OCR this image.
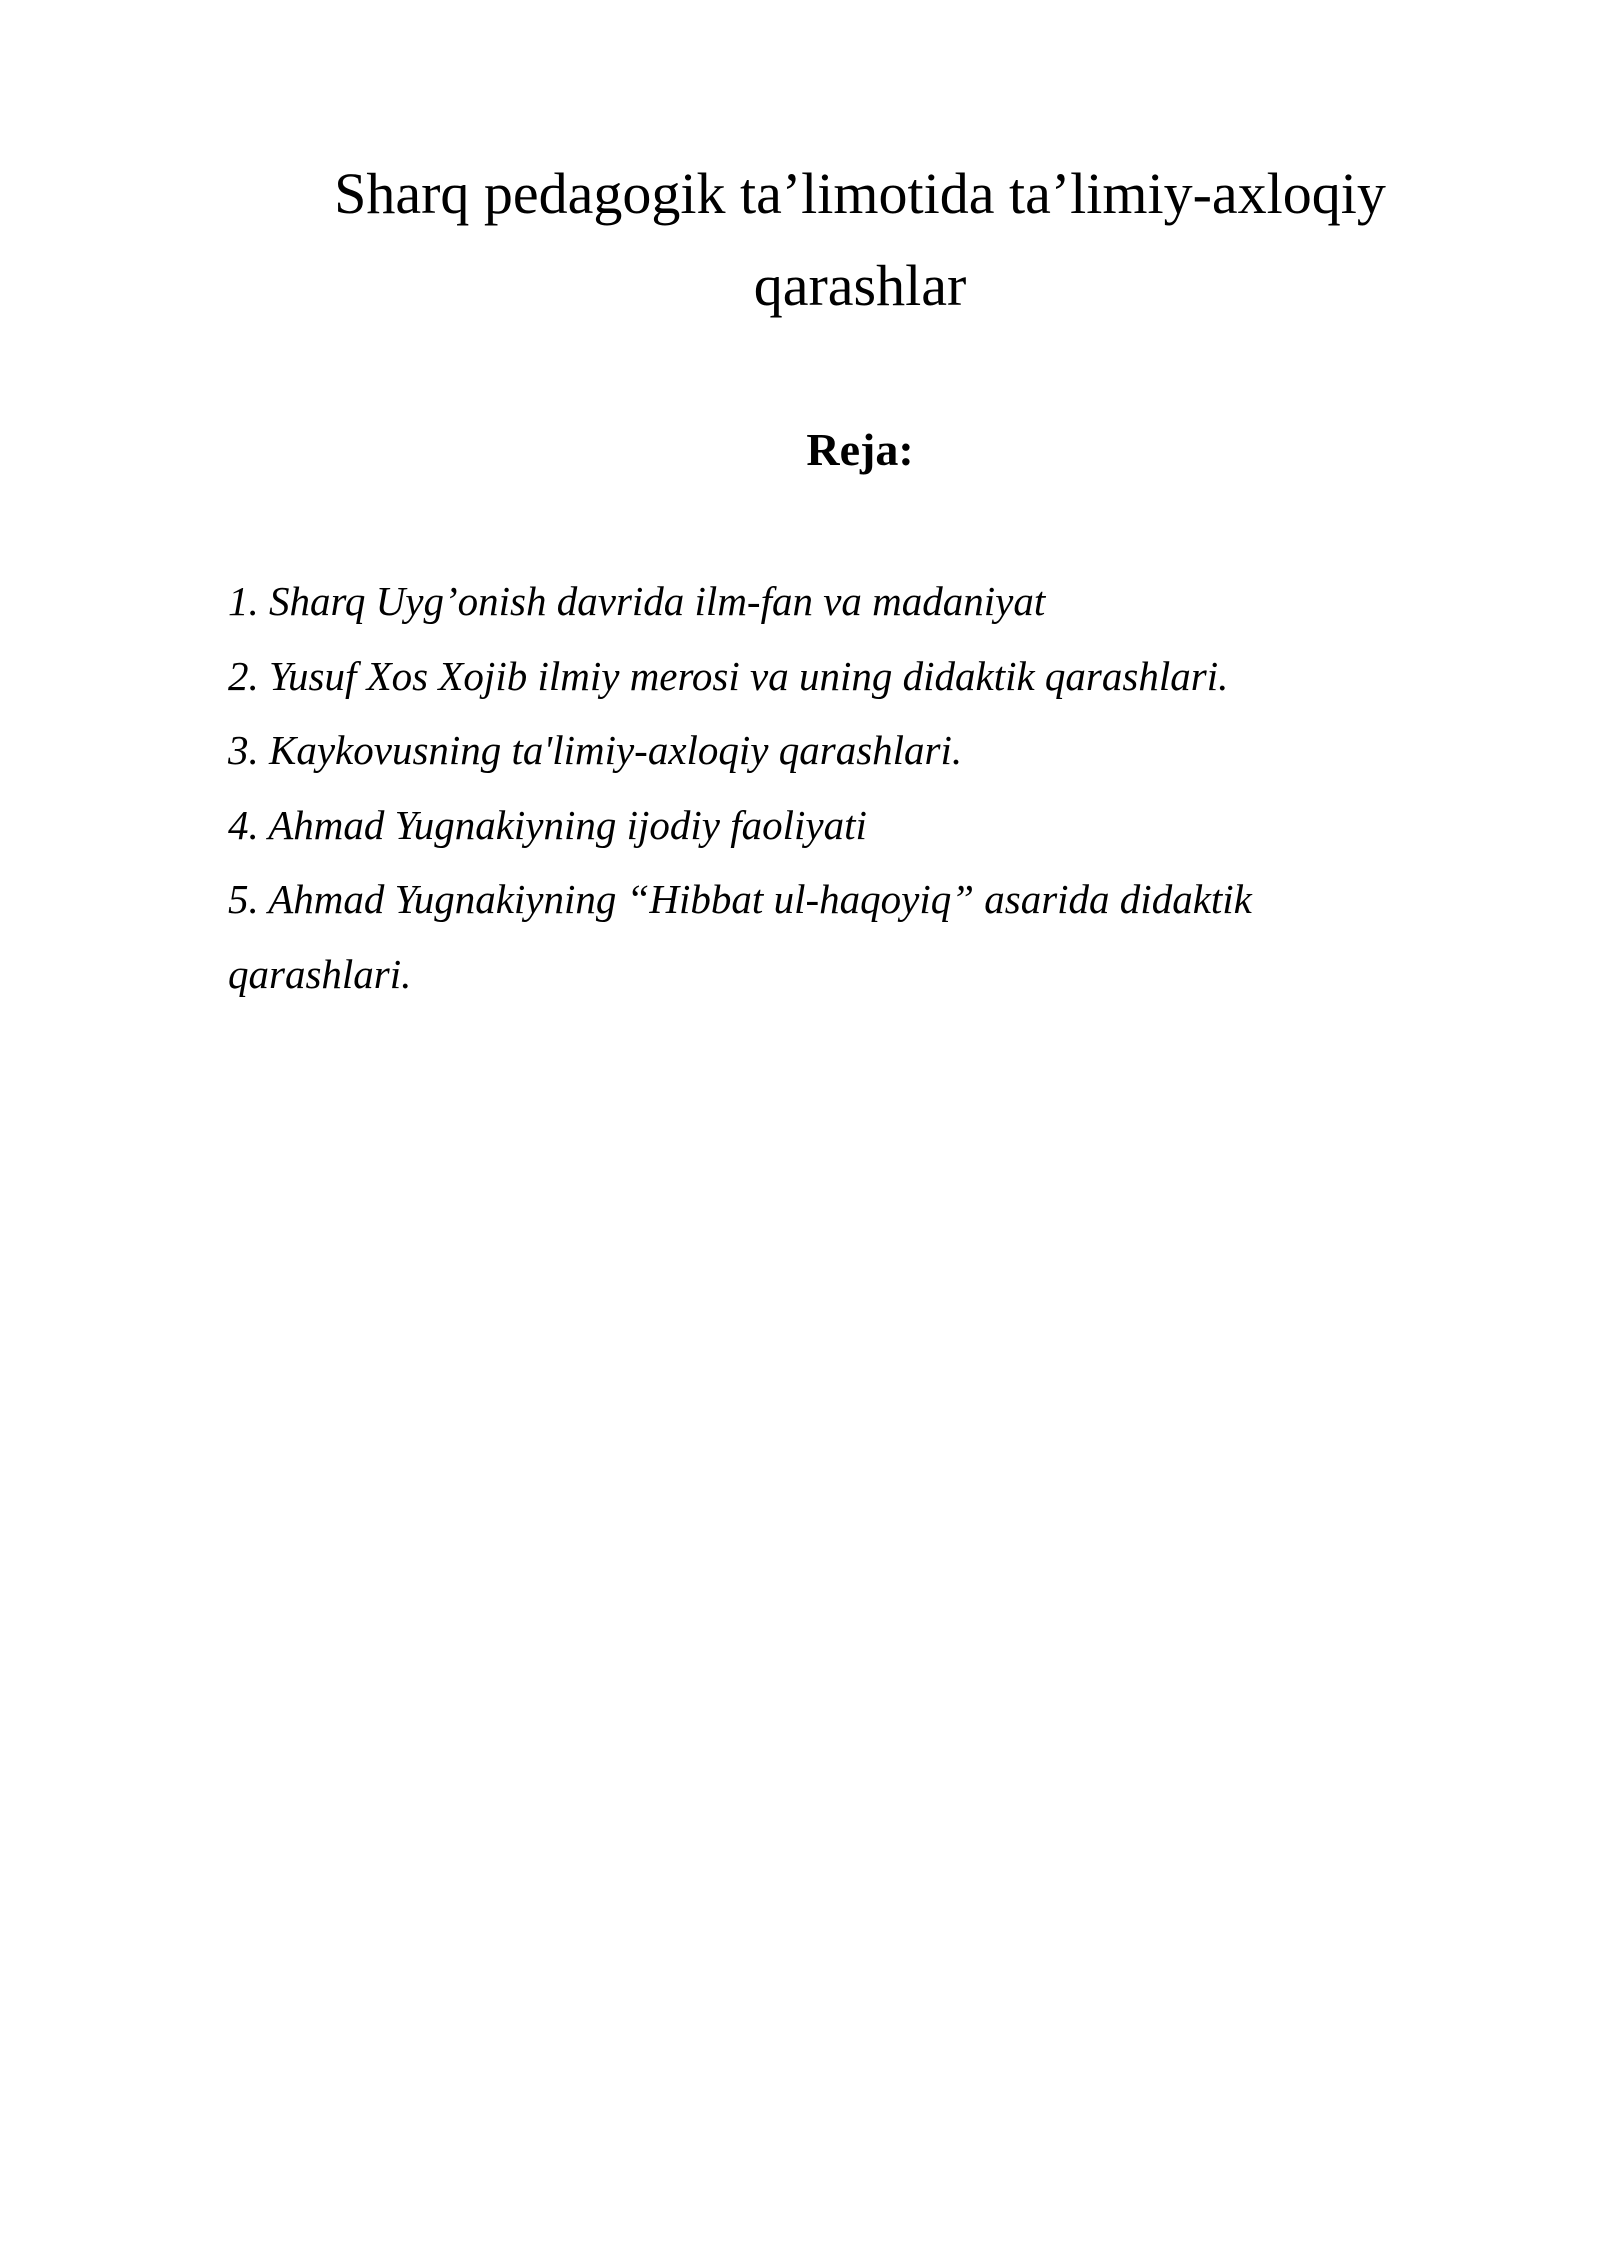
Sharq pedagogik ta’limotida ta’limiy-axloqiy
qarashlar
Reja:
1. Sharq Uyg’onish davrida ilm-fan va madaniyat
2. Yusuf Xos Xojib ilmiy merosi va uning didaktik qarashlari.
3. Kaykovusning ta'limiy-axloqiy qarashlari.
4. Ahmad Yugnakiyning ijodiy faoliyati
5. Ahmad Yugnakiyning “Hibbat ul-haqoyiq” asarida didaktik
qarashlari.
